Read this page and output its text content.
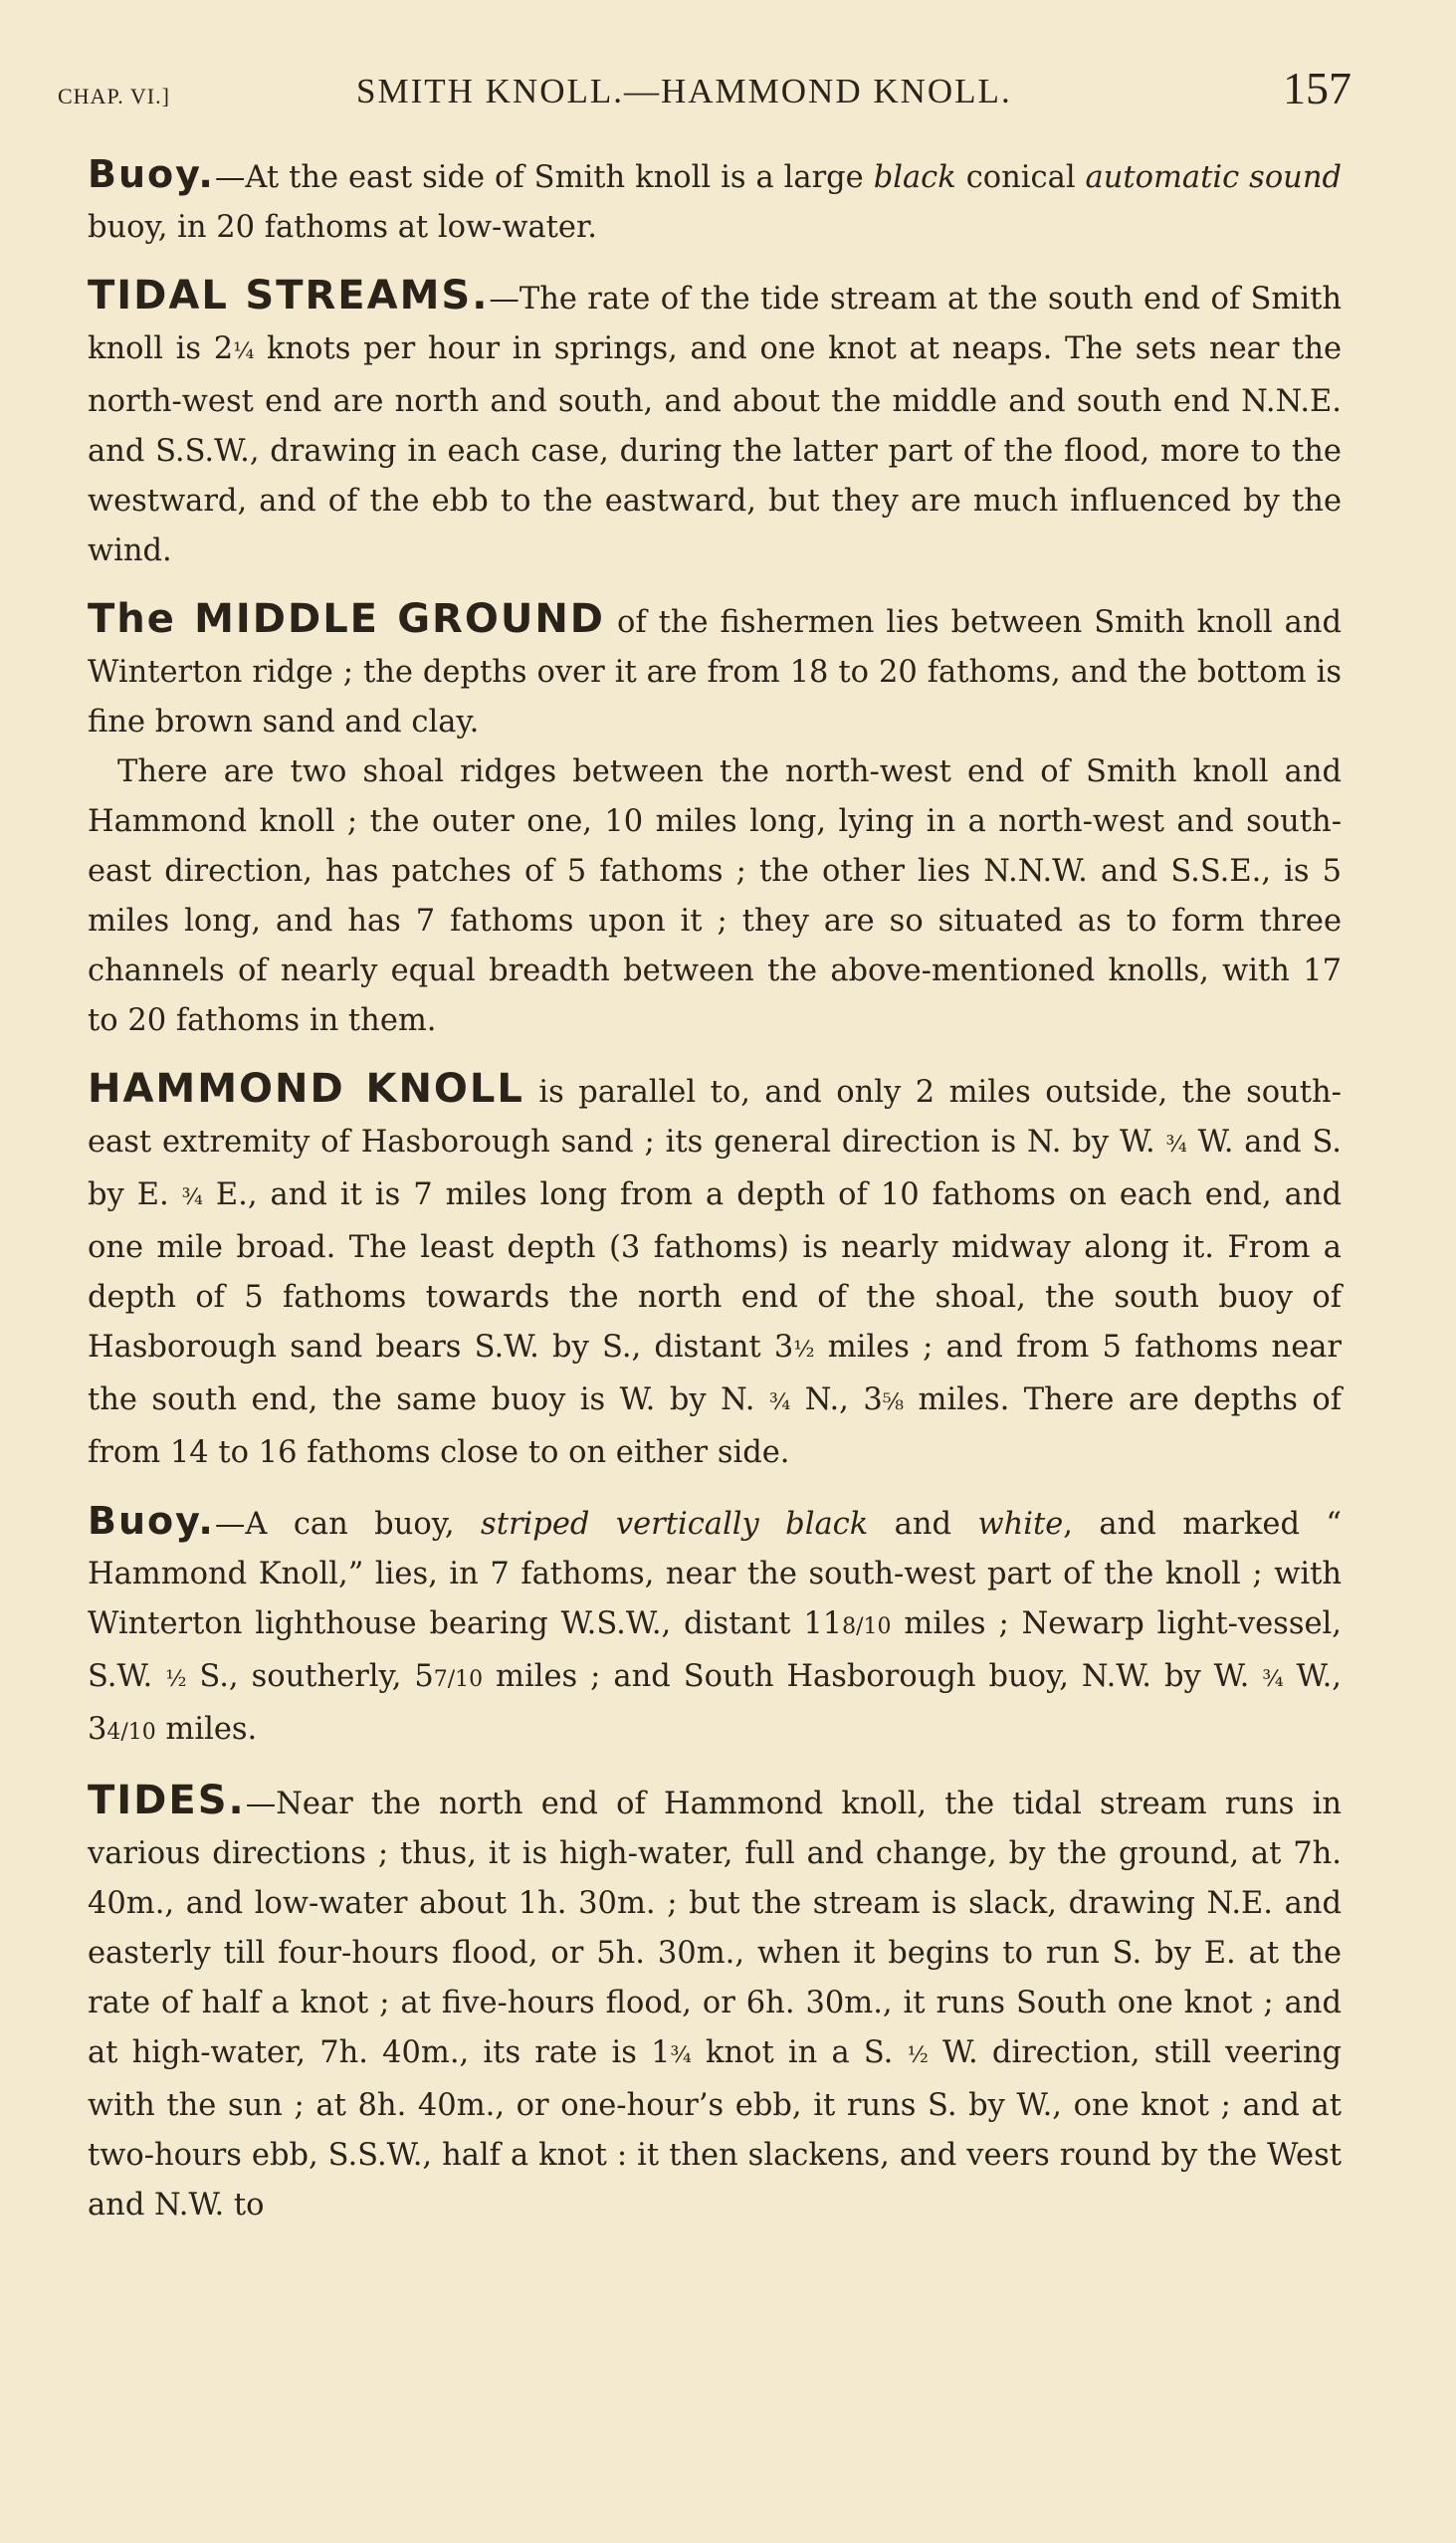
CHAP. VI.]	SMITH KNOLL.—HAMMOND KNOLL.	157

Buoy.—At the east side of Smith knoll is a large black conical automatic sound buoy, in 20 fathoms at low-water.

TIDAL STREAMS.—The rate of the tide stream at the south end of Smith knoll is 2¼ knots per hour in springs, and one knot at neaps. The sets near the north-west end are north and south, and about the middle and south end N.N.E. and S.S.W., drawing in each case, during the latter part of the flood, more to the westward, and of the ebb to the eastward, but they are much influenced by the wind.

The MIDDLE GROUND of the fishermen lies between Smith knoll and Winterton ridge ; the depths over it are from 18 to 20 fathoms, and the bottom is fine brown sand and clay.

There are two shoal ridges between the north-west end of Smith knoll and Hammond knoll ; the outer one, 10 miles long, lying in a north-west and south-east direction, has patches of 5 fathoms ; the other lies N.N.W. and S.S.E., is 5 miles long, and has 7 fathoms upon it ; they are so situated as to form three channels of nearly equal breadth between the above-mentioned knolls, with 17 to 20 fathoms in them.

HAMMOND KNOLL is parallel to, and only 2 miles outside, the south-east extremity of Hasborough sand ; its general direction is N. by W. ¾ W. and S. by E. ¾ E., and it is 7 miles long from a depth of 10 fathoms on each end, and one mile broad. The least depth (3 fathoms) is nearly midway along it. From a depth of 5 fathoms towards the north end of the shoal, the south buoy of Hasborough sand bears S.W. by S., distant 3½ miles ; and from 5 fathoms near the south end, the same buoy is W. by N. ¾ N., 3⅝ miles. There are depths of from 14 to 16 fathoms close to on either side.

Buoy.—A can buoy, striped vertically black and white, and marked “ Hammond Knoll,” lies, in 7 fathoms, near the south-west part of the knoll ; with Winterton lighthouse bearing W.S.W., distant 118/10 miles ; Newarp light-vessel, S.W. ½ S., southerly, 57/10 miles ; and South Hasborough buoy, N.W. by W. ¾ W., 34/10 miles.

TIDES.—Near the north end of Hammond knoll, the tidal stream runs in various directions ; thus, it is high-water, full and change, by the ground, at 7h. 40m., and low-water about 1h. 30m. ; but the stream is slack, drawing N.E. and easterly till four-hours flood, or 5h. 30m., when it begins to run S. by E. at the rate of half a knot ; at five-hours flood, or 6h. 30m., it runs South one knot ; and at high-water, 7h. 40m., its rate is 1¾ knot in a S. ½ W. direction, still veering with the sun ; at 8h. 40m., or one-hour’s ebb, it runs S. by W., one knot ; and at two-hours ebb, S.S.W., half a knot : it then slackens, and veers round by the West and N.W. to
